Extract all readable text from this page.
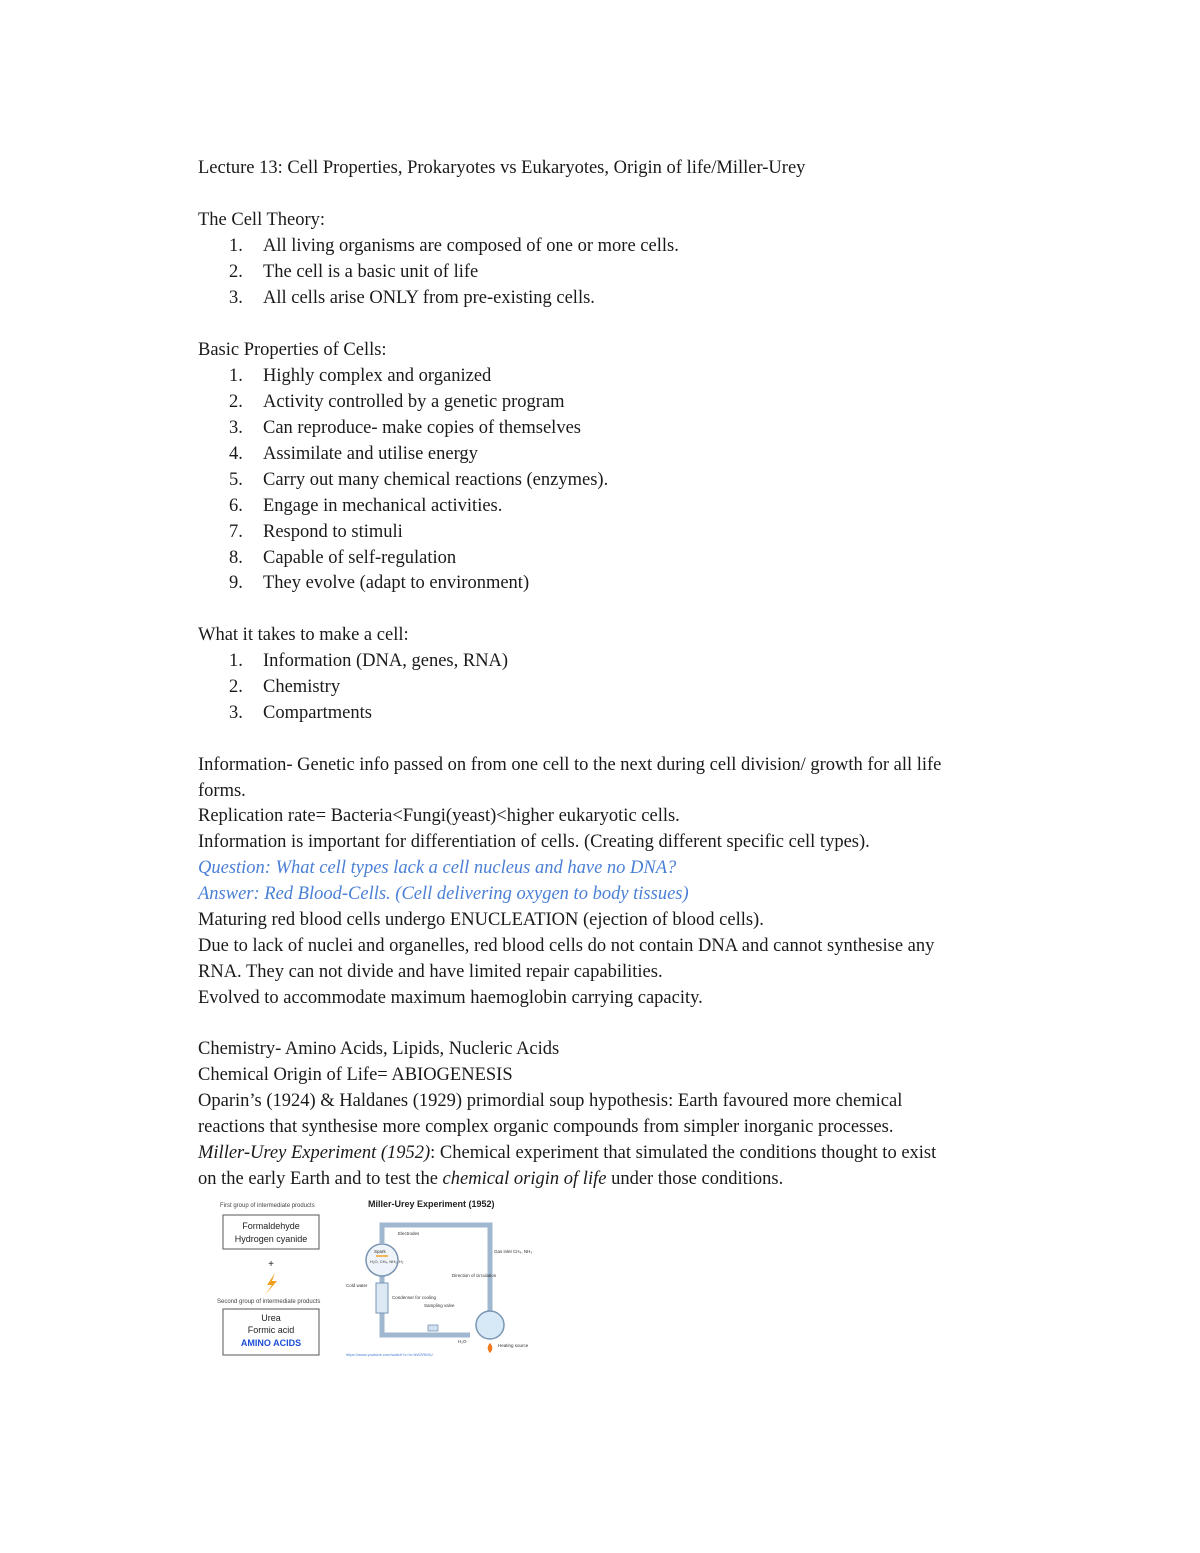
Lecture 13: Cell Properties, Prokaryotes vs Eukaryotes, Origin of life/Miller-Urey
The Cell Theory:
1. All living organisms are composed of one or more cells.
2. The cell is a basic unit of life
3. All cells arise ONLY from pre-existing cells.
Basic Properties of Cells:
1. Highly complex and organized
2. Activity controlled by a genetic program
3. Can reproduce- make copies of themselves
4. Assimilate and utilise energy
5. Carry out many chemical reactions (enzymes).
6. Engage in mechanical activities.
7. Respond to stimuli
8. Capable of self-regulation
9. They evolve (adapt to environment)
What it takes to make a cell:
1. Information (DNA, genes, RNA)
2. Chemistry
3. Compartments
Information- Genetic info passed on from one cell to the next during cell division/ growth for all life
forms.
Replication rate= Bacteria<Fungi(yeast)<higher eukaryotic cells.
Information is important for differentiation of cells. (Creating different specific cell types).
Question: What cell types lack a cell nucleus and have no DNA?
Answer: Red Blood-Cells. (Cell delivering oxygen to body tissues)
Maturing red blood cells undergo ENUCLEATION (ejection of blood cells).
Due to lack of nuclei and organelles, red blood cells do not contain DNA and cannot synthesise any
RNA. They can not divide and have limited repair capabilities.
Evolved to accommodate maximum haemoglobin carrying capacity.
Chemistry- Amino Acids, Lipids, Nucleric Acids
Chemical Origin of Life= ABIOGENESIS
Oparin’s (1924) & Haldanes (1929) primordial soup hypothesis: Earth favoured more chemical
reactions that synthesise more complex organic compounds from simpler inorganic processes.
Miller-Urey Experiment (1952): Chemical experiment that simulated the conditions thought to exist
on the early Earth and to test the chemical origin of life under those conditions.
First group of intermediate products
Formaldehyde
Hydrogen cyanide
+
Second group of intermediate products
Urea
Formic acid
AMINO ACIDS
Miller-Urey Experiment (1952)
Spark
H₂O, CH₄, NH₃, H₂
Electrodes
Cold water
Condenser for cooling
Sampling valve
Direction of circulation
Gas inlet CH₄, NH₃
H₂O
Heating source
https://www.youtube.com/watch?v=hr-NW2RtI9U
